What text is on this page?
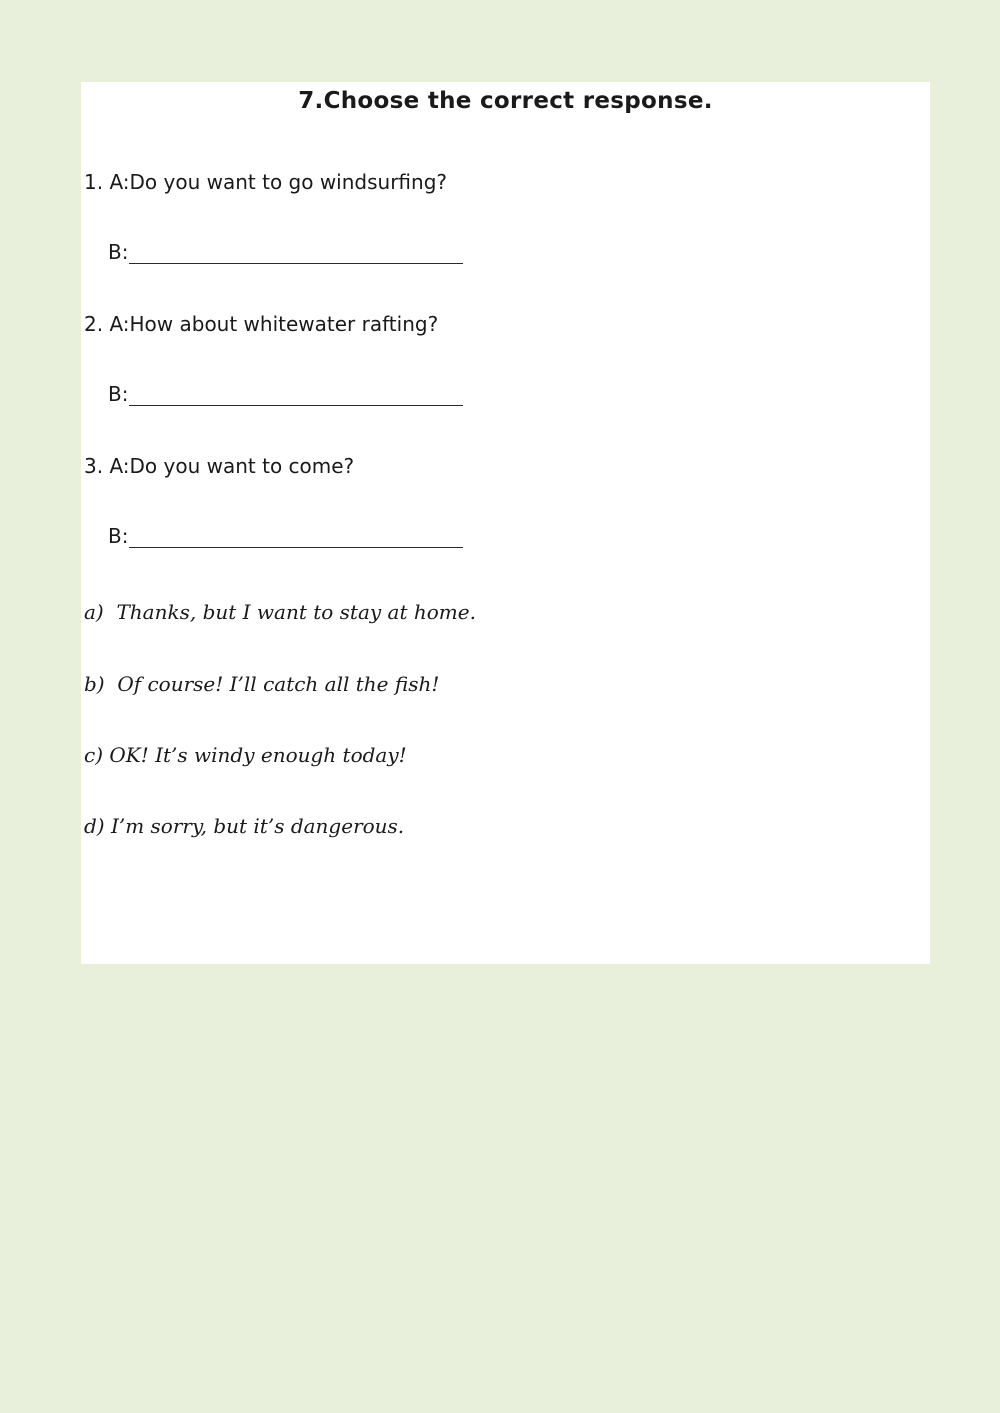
7.Choose the correct response.
1. A:Do you want to go windsurfing?
B:
2. A:How about whitewater rafting?
B:
3. A:Do you want to come?
B:
a)  Thanks, but I want to stay at home.
b)  Of course! I’ll catch all the fish!
c) OK! It’s windy enough today!
d) I’m sorry, but it’s dangerous.
